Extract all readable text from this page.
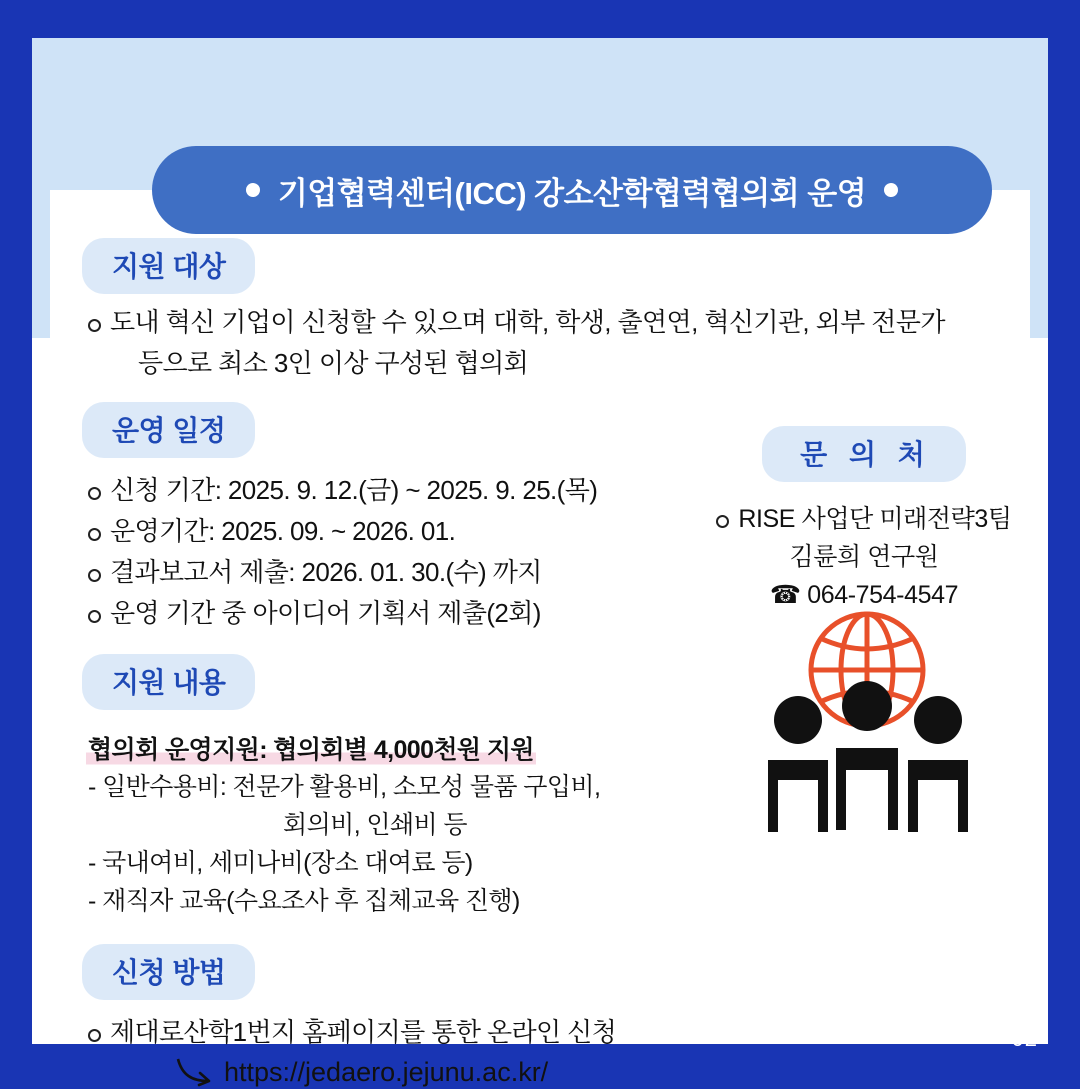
기업협력센터(ICC) 강소산학협력협의회 운영
지원 대상
도내 혁신 기업이 신청할 수 있으며 대학, 학생, 출연연, 혁신기관, 외부 전문가
등으로 최소 3인 이상 구성된 협의회
운영 일정
신청 기간: 2025. 9. 12.(금) ~ 2025. 9. 25.(목)
운영기간: 2025. 09. ~ 2026. 01.
결과보고서 제출: 2026. 01. 30.(수) 까지
운영 기간 중 아이디어 기획서 제출(2회)
지원 내용
협의회 운영지원: 협의회별 4,000천원 지원
- 일반수용비: 전문가 활용비, 소모성 물품 구입비,
회의비, 인쇄비 등
- 국내여비, 세미나비(장소 대여료 등)
- 재직자 교육(수요조사 후 집체교육 진행)
신청 방법
제대로산학1번지 홈페이지를 통한 온라인 신청
https://jedaero.jejunu.ac.kr/
문 의 처
RISE 사업단 미래전략3팀
김륜희 연구원
☎ 064-754-4547
02
